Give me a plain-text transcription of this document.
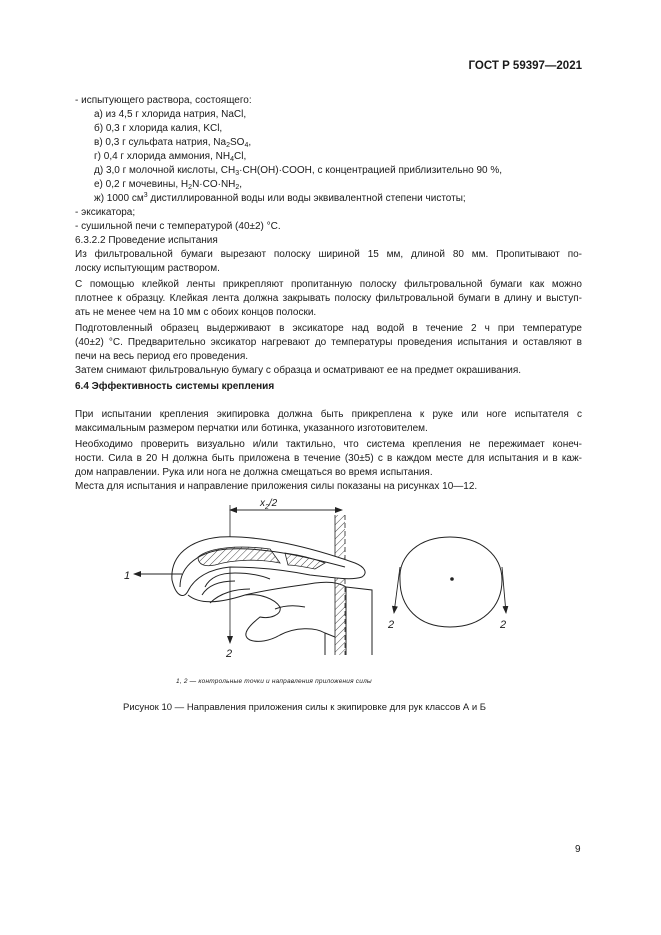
ГОСТ Р 59397—2021
- испытующего раствора, состоящего:
а) из 4,5 г хлорида натрия, NaCl,
б) 0,3 г хлорида калия, KCl,
в) 0,3 г сульфата натрия, $Na_2SO_4$,
г) 0,4 г хлорида аммония, $NH_4Cl$,
д) 3,0 г молочной кислоты, $CH_3\cdot CH(OH)\cdot COOH$, с концентрацией приблизительно 90 %,
е) 0,2 г мочевины, $H_2N\cdot CO\cdot NH_2$,
ж) 1000 $см^3$ дистиллированной воды или воды эквивалентной степени чистоты;
- эксикатора;
- сушильной печи с температурой (40±2) °С.
6.3.2.2 Проведение испытания
Из фильтровальной бумаги вырезают полоску шириной 15 мм, длиной 80 мм. Пропитывают по-
лоску испытующим раствором.
С помощью клейкой ленты прикрепляют пропитанную полоску фильтровальной бумаги как можно
плотнее к образцу. Клейкая лента должна закрывать полоску фильтровальной бумаги в длину и выступ-
ать не менее чем на 10 мм с обоих концов полоски.
Подготовленный образец выдерживают в эксикаторе над водой в течение 2 ч при температуре
(40±2) °С. Предварительно эксикатор нагревают до температуры проведения испытания и оставляют в
печи на весь период его проведения.
Затем снимают фильтровальную бумагу с образца и осматривают ее на предмет окрашивания.
6.4 Эффективность системы крепления
При испытании крепления экипировка должна быть прикреплена к руке или ноге испытателя с
максимальным размером перчатки или ботинка, указанного изготовителем.
Необходимо проверить визуально и/или тактильно, что система крепления не пережимает конеч-
ности. Сила в 20 Н должна быть приложена в течение (30±5) с в каждом месте для испытания и в каж-
дом направлении. Рука или нога не должна смещаться во время испытания.
Места для испытания и направление приложения силы показаны на рисунках 10—12.
$x_2/2$
1
2
2	2
1, 2 — контрольные точки и направления приложения силы
Рисунок 10 — Направления приложения силы к экипировке для рук классов А и Б
9
